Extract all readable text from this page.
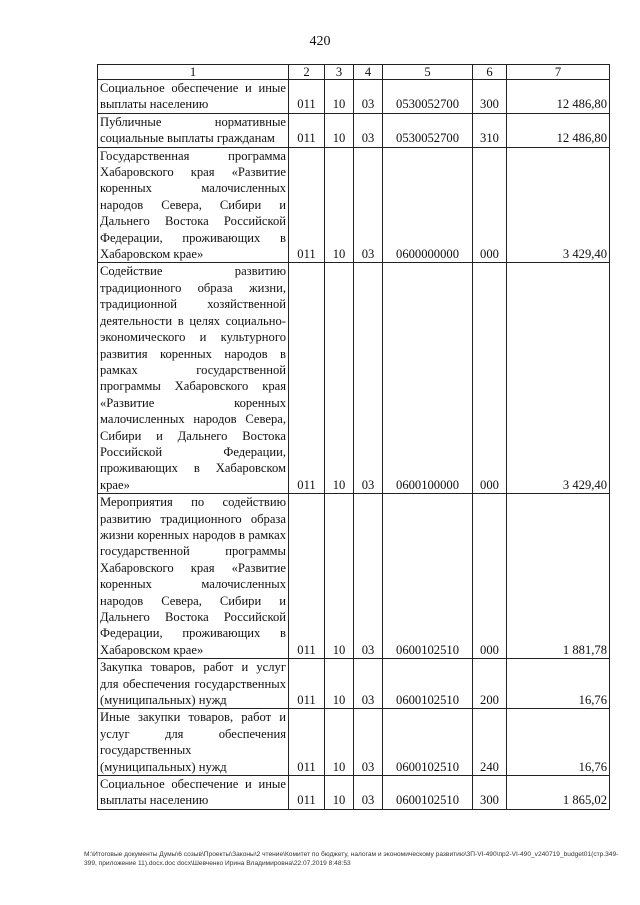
420
1	2	3	4	5	6	7
Социальное обеспечение и иные выплаты населению	011	10	03	0530052700	300	12 486,80
Публичные нормативные социальные выплаты гражданам	011	10	03	0530052700	310	12 486,80
Государственная программа Хабаровского края «Развитие коренных малочисленных народов Севера, Сибири и Дальнего Востока Российской Федерации, проживающих в Хабаровском крае»	011	10	03	0600000000	000	3 429,40
Содействие развитию традиционного образа жизни, традиционной хозяйственной деятельности в целях социально-экономического и культурного развития коренных народов в рамках государственной программы Хабаровского края «Развитие коренных малочисленных народов Севера, Сибири и Дальнего Востока Российской Федерации, проживающих в Хабаровском крае»	011	10	03	0600100000	000	3 429,40
Мероприятия по содействию развитию традиционного образа жизни коренных народов в рамках государственной программы Хабаровского края «Развитие коренных малочисленных народов Севера, Сибири и Дальнего Востока Российской Федерации, проживающих в Хабаровском крае»	011	10	03	0600102510	000	1 881,78
Закупка товаров, работ и услуг для обеспечения государственных (муниципальных) нужд	011	10	03	0600102510	200	16,76
Иные закупки товаров, работ и услуг для обеспечения государственных (муниципальных) нужд	011	10	03	0600102510	240	16,76
Социальное обеспечение и иные выплаты населению	011	10	03	0600102510	300	1 865,02
M:\Итоговые документы Думы\6 созыв\Проекты\Законы\2 чтение\Комитет по бюджету, налогам и экономическому развитию\3П-VI-490\пр2-VI-490_v240719_budget01(стр.349-399, приложение 11).docx.doc docx\Шевченко Ирина Владимировна\22.07.2019 8:48:53
